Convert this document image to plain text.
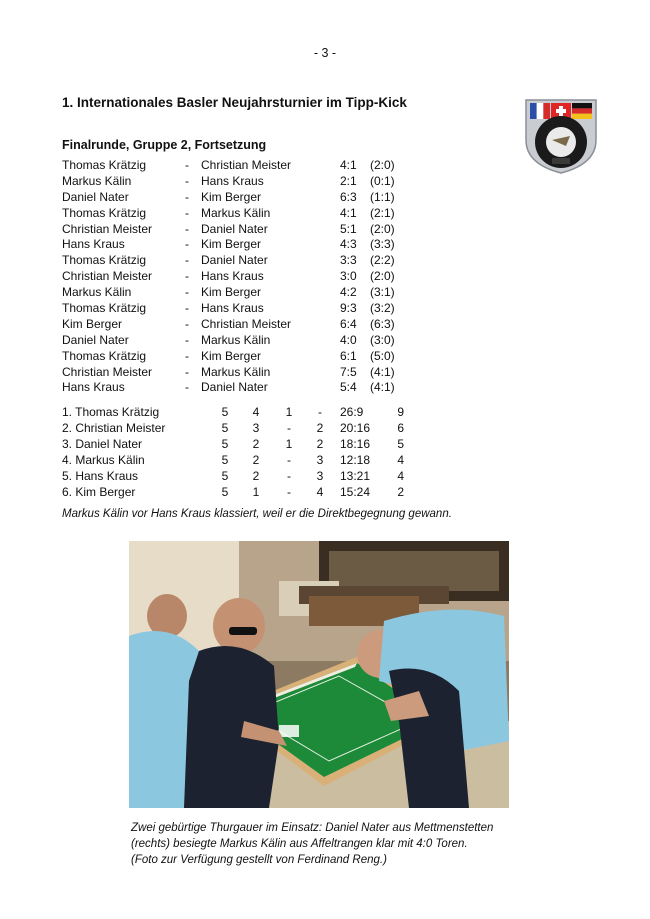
- 3 -
1. Internationales Basler Neujahrsturnier im Tipp-Kick
Finalrunde, Gruppe 2, Fortsetzung
Thomas Krätzig	- Christian Meister	4:1 (2:0)
Markus Kälin	- Hans Kraus	2:1 (0:1)
Daniel Nater	- Kim Berger	6:3 (1:1)
Thomas Krätzig	- Markus Kälin	4:1 (2:1)
Christian Meister	- Daniel Nater	5:1 (2:0)
Hans Kraus	- Kim Berger	4:3 (3:3)
Thomas Krätzig	- Daniel Nater	3:3 (2:2)
Christian Meister	- Hans Kraus	3:0 (2:0)
Markus Kälin	- Kim Berger	4:2 (3:1)
Thomas Krätzig	- Hans Kraus	9:3 (3:2)
Kim Berger	- Christian Meister	6:4 (6:3)
Daniel Nater	- Markus Kälin	4:0 (3:0)
Thomas Krätzig	- Kim Berger	6:1 (5:0)
Christian Meister	- Markus Kälin	7:5 (4:1)
Hans Kraus	- Daniel Nater	5:4 (4:1)
1. Thomas Krätzig	5	4	1	-	26:9	9
2. Christian Meister	5	3	-	2	20:16	6
3. Daniel Nater	5	2	1	2	18:16	5
4. Markus Kälin	5	2	-	3	12:18	4
5. Hans Kraus	5	2	-	3	13:21	4
6. Kim Berger	5	1	-	4	15:24	2
Markus Kälin vor Hans Kraus klassiert, weil er die Direktbegegnung gewann.
Zwei gebürtige Thurgauer im Einsatz: Daniel Nater aus Mettmenstetten
(rechts) besiegte Markus Kälin aus Affeltrangen klar mit 4:0 Toren.
(Foto zur Verfügung gestellt von Ferdinand Reng.)
